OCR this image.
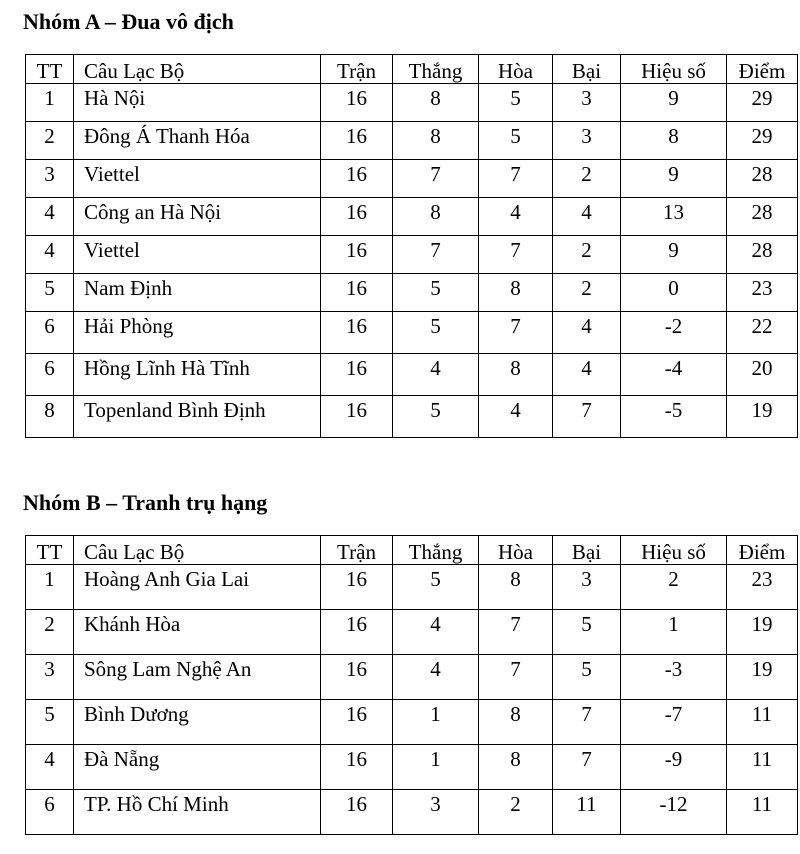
Nhóm A – Đua vô địch
TT	Câu Lạc Bộ	Trận	Thắng	Hòa	Bại	Hiệu số	Điểm
1	Hà Nội	16	8	5	3	9	29
2	Đông Á Thanh Hóa	16	8	5	3	8	29
3	Viettel	16	7	7	2	9	28
4	Công an Hà Nội	16	8	4	4	13	28
4	Viettel	16	7	7	2	9	28
5	Nam Định	16	5	8	2	0	23
6	Hải Phòng	16	5	7	4	-2	22
6	Hồng Lĩnh Hà Tĩnh	16	4	8	4	-4	20
8	Topenland Bình Định	16	5	4	7	-5	19
Nhóm B – Tranh trụ hạng
TT	Câu Lạc Bộ	Trận	Thắng	Hòa	Bại	Hiệu số	Điểm
1	Hoàng Anh Gia Lai	16	5	8	3	2	23
2	Khánh Hòa	16	4	7	5	1	19
3	Sông Lam Nghệ An	16	4	7	5	-3	19
5	Bình Dương	16	1	8	7	-7	11
4	Đà Nẵng	16	1	8	7	-9	11
6	TP. Hồ Chí Minh	16	3	2	11	-12	11
